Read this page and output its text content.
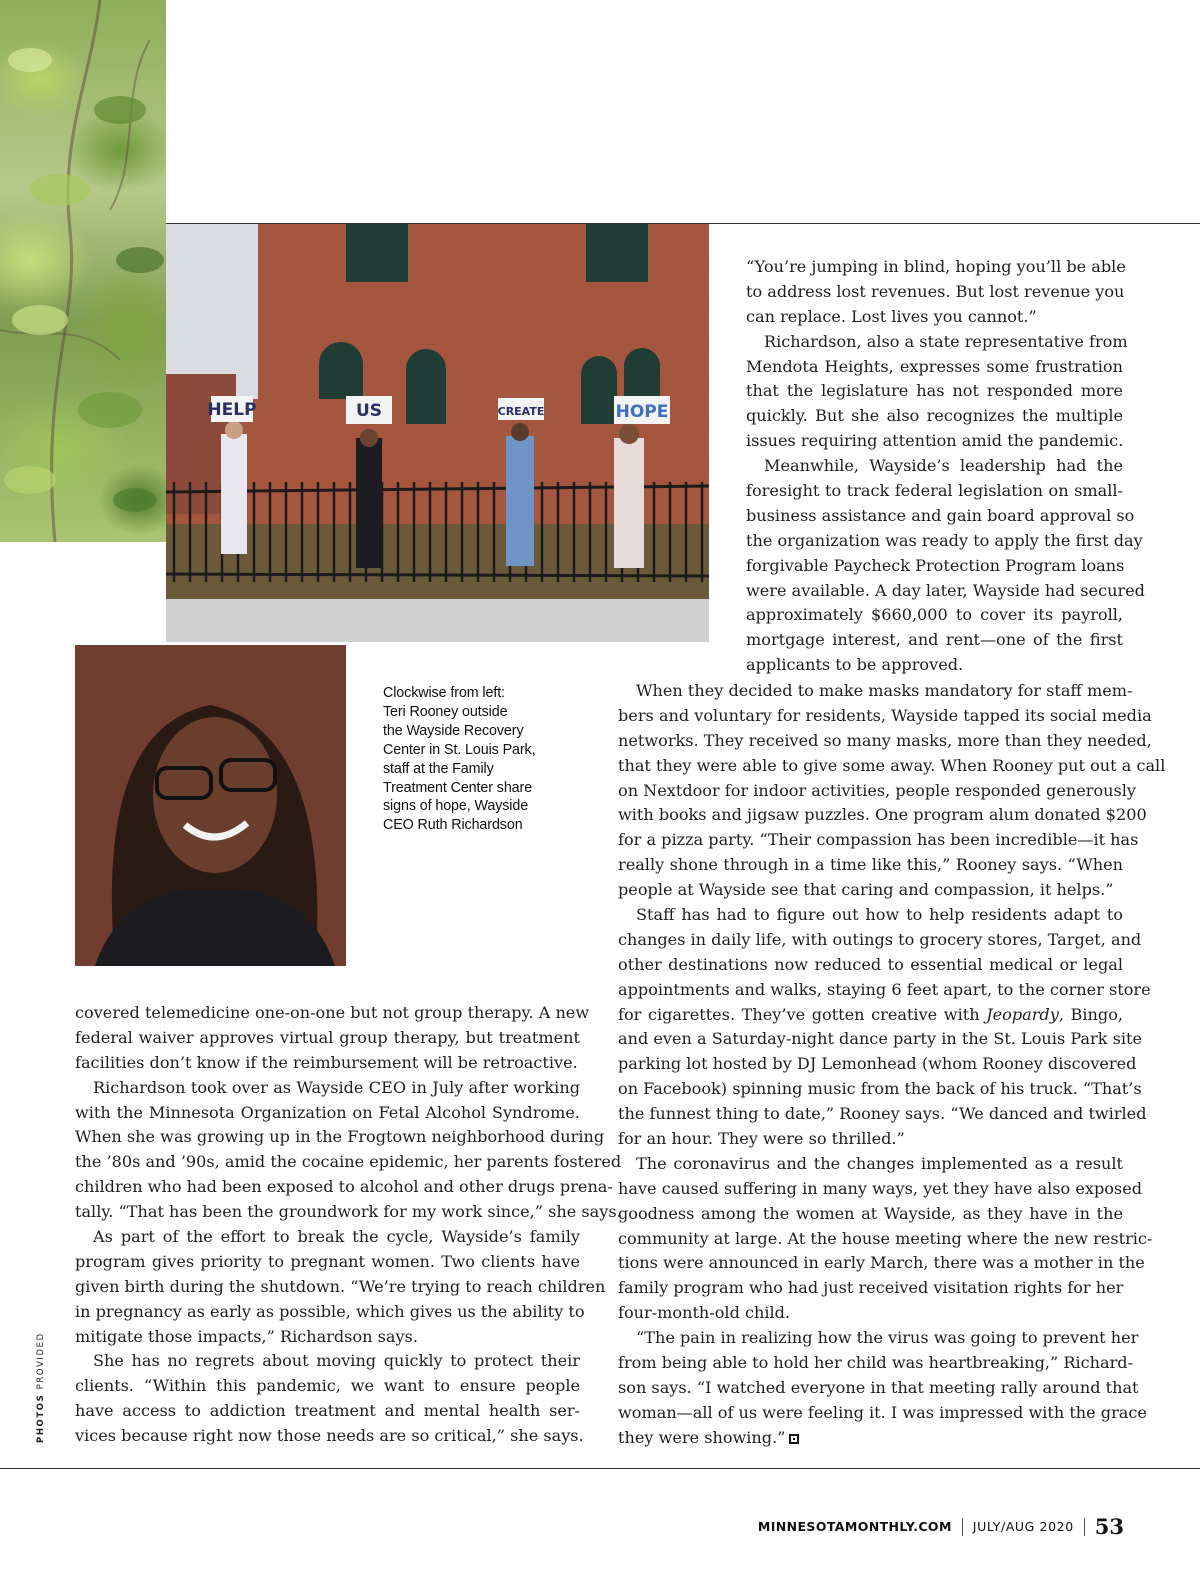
HELP	US	CREATE	HOPE
Clockwise from left:
Teri Rooney outside
the Wayside Recovery
Center in St. Louis Park,
staff at the Family
Treatment Center share
signs of hope, Wayside
CEO Ruth Richardson
covered telemedicine one-on-one but not group therapy. A new
federal waiver approves virtual group therapy, but treatment
facilities don’t know if the reimbursement will be retroactive.
Richardson took over as Wayside CEO in July after working
with the Minnesota Organization on Fetal Alcohol Syndrome.
When she was growing up in the Frogtown neighborhood during
the ’80s and ’90s, amid the cocaine epidemic, her parents fostered
children who had been exposed to alcohol and other drugs prena-
tally. “That has been the groundwork for my work since,” she says.
As part of the effort to break the cycle, Wayside’s family
program gives priority to pregnant women. Two clients have
given birth during the shutdown. “We’re trying to reach children
in pregnancy as early as possible, which gives us the ability to
mitigate those impacts,” Richardson says.
She has no regrets about moving quickly to protect their
clients. “Within this pandemic, we want to ensure people
have access to addiction treatment and mental health ser-
vices because right now those needs are so critical,” she says.
“You’re jumping in blind, hoping you’ll be able
to address lost revenues. But lost revenue you
can replace. Lost lives you cannot.”
Richardson, also a state representative from
Mendota Heights, expresses some frustration
that the legislature has not responded more
quickly. But she also recognizes the multiple
issues requiring attention amid the pandemic.
Meanwhile, Wayside’s leadership had the
foresight to track federal legislation on small-
business assistance and gain board approval so
the organization was ready to apply the first day
forgivable Paycheck Protection Program loans
were available. A day later, Wayside had secured
approximately $660,000 to cover its payroll,
mortgage interest, and rent—one of the first
applicants to be approved.
When they decided to make masks mandatory for staff mem-
bers and voluntary for residents, Wayside tapped its social media
networks. They received so many masks, more than they needed,
that they were able to give some away. When Rooney put out a call
on Nextdoor for indoor activities, people responded generously
with books and jigsaw puzzles. One program alum donated $200
for a pizza party. “Their compassion has been incredible—it has
really shone through in a time like this,” Rooney says. “When
people at Wayside see that caring and compassion, it helps.”
Staff has had to figure out how to help residents adapt to
changes in daily life, with outings to grocery stores, Target, and
other destinations now reduced to essential medical or legal
appointments and walks, staying 6 feet apart, to the corner store
for cigarettes. They’ve gotten creative with Jeopardy, Bingo,
and even a Saturday-night dance party in the St. Louis Park site
parking lot hosted by DJ Lemonhead (whom Rooney discovered
on Facebook) spinning music from the back of his truck. “That’s
the funnest thing to date,” Rooney says. “We danced and twirled
for an hour. They were so thrilled.”
The coronavirus and the changes implemented as a result
have caused suffering in many ways, yet they have also exposed
goodness among the women at Wayside, as they have in the
community at large. At the house meeting where the new restric-
tions were announced in early March, there was a mother in the
family program who had just received visitation rights for her
four-month-old child.
“The pain in realizing how the virus was going to prevent her
from being able to hold her child was heartbreaking,” Richard-
son says. “I watched everyone in that meeting rally around that
woman—all of us were feeling it. I was impressed with the grace
they were showing.”
PHOTOS PROVIDED
MINNESOTAMONTHLY.COM JULY/AUG 2020 53
